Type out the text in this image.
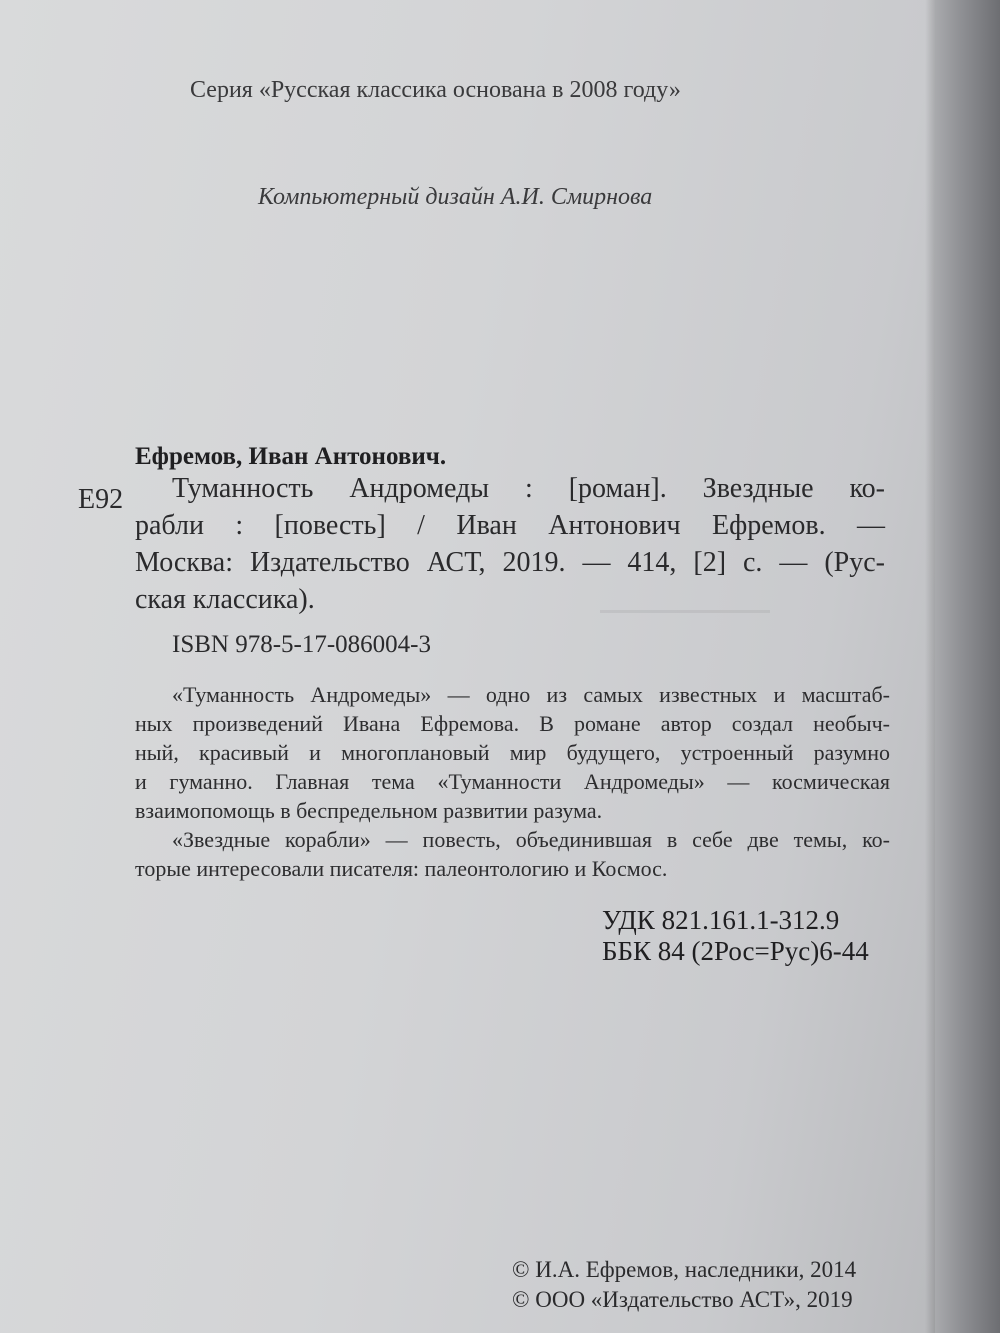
Серия «Русская классика основана в 2008 году»
Компьютерный дизайн А.И. Смирнова
Ефремов, Иван Антонович.
Е92	Туманность Андромеды : [роман]. Звездные ко-
рабли : [повесть] / Иван Антонович Ефремов. —
Москва: Издательство АСТ, 2019. — 414, [2] с. — (Рус-
ская классика).
ISBN 978-5-17-086004-3
«Туманность Андромеды» — одно из самых известных и масштаб-
ных произведений Ивана Ефремова. В романе автор создал необыч-
ный, красивый и многоплановый мир будущего, устроенный разумно
и гуманно. Главная тема «Туманности Андромеды» — космическая
взаимопомощь в беспредельном развитии разума.
«Звездные корабли» — повесть, объединившая в себе две темы, ко-
торые интересовали писателя: палеонтологию и Космос.
УДК 821.161.1-312.9
ББК 84 (2Рос=Рус)6-44
© И.А. Ефремов, наследники, 2014
© ООО «Издательство АСТ», 2019
